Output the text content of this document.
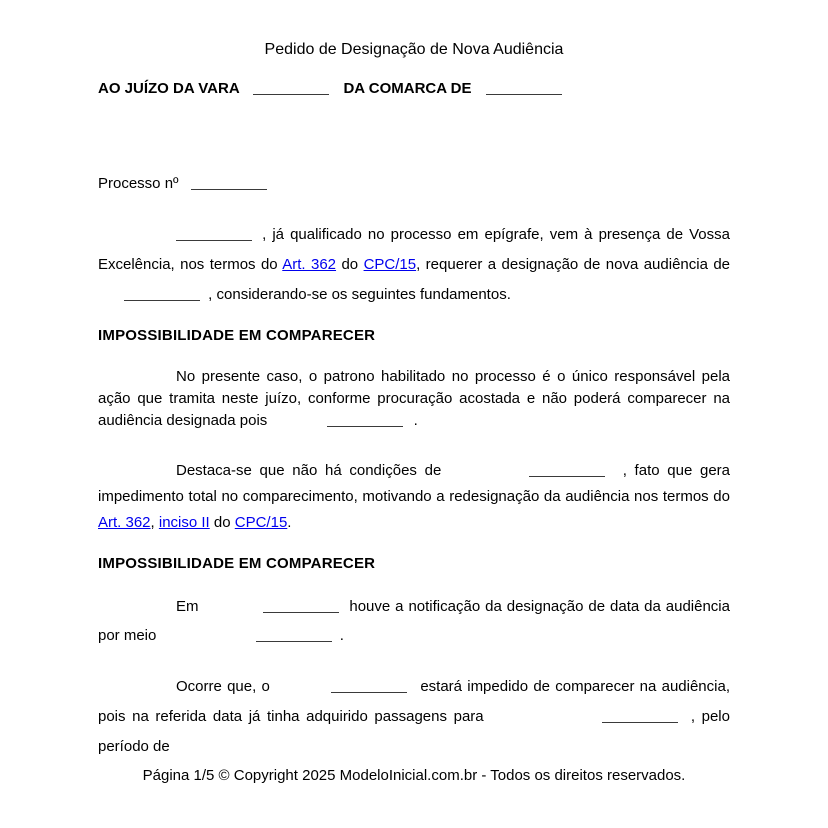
Pedido de Designação de Nova Audiência
AO JUÍZO DA VARA	DA COMARCA DE
Processo nº
, já qualificado no processo em epígrafe, vem à presença de Vossa Excelência, nos termos do Art. 362 do CPC/15, requerer a designação de nova audiência de  , considerando-se os seguintes fundamentos.
IMPOSSIBILIDADE EM COMPARECER
No presente caso, o patrono habilitado no processo é o único responsável pela ação que tramita neste juízo, conforme procuração acostada e não poderá comparecer na audiência designada pois	.
Destaca-se que não há condições de	, fato que gera impedimento total no comparecimento, motivando a redesignação da audiência nos termos do Art. 362, inciso II do CPC/15.
IMPOSSIBILIDADE EM COMPARECER
Em	houve a notificação da designação de data da audiência por meio	.
Ocorre que, o	estará impedido de comparecer na audiência, pois na referida data já tinha adquirido passagens para	, pelo período de
Página 1/5 © Copyright 2025 ModeloInicial.com.br - Todos os direitos reservados.
